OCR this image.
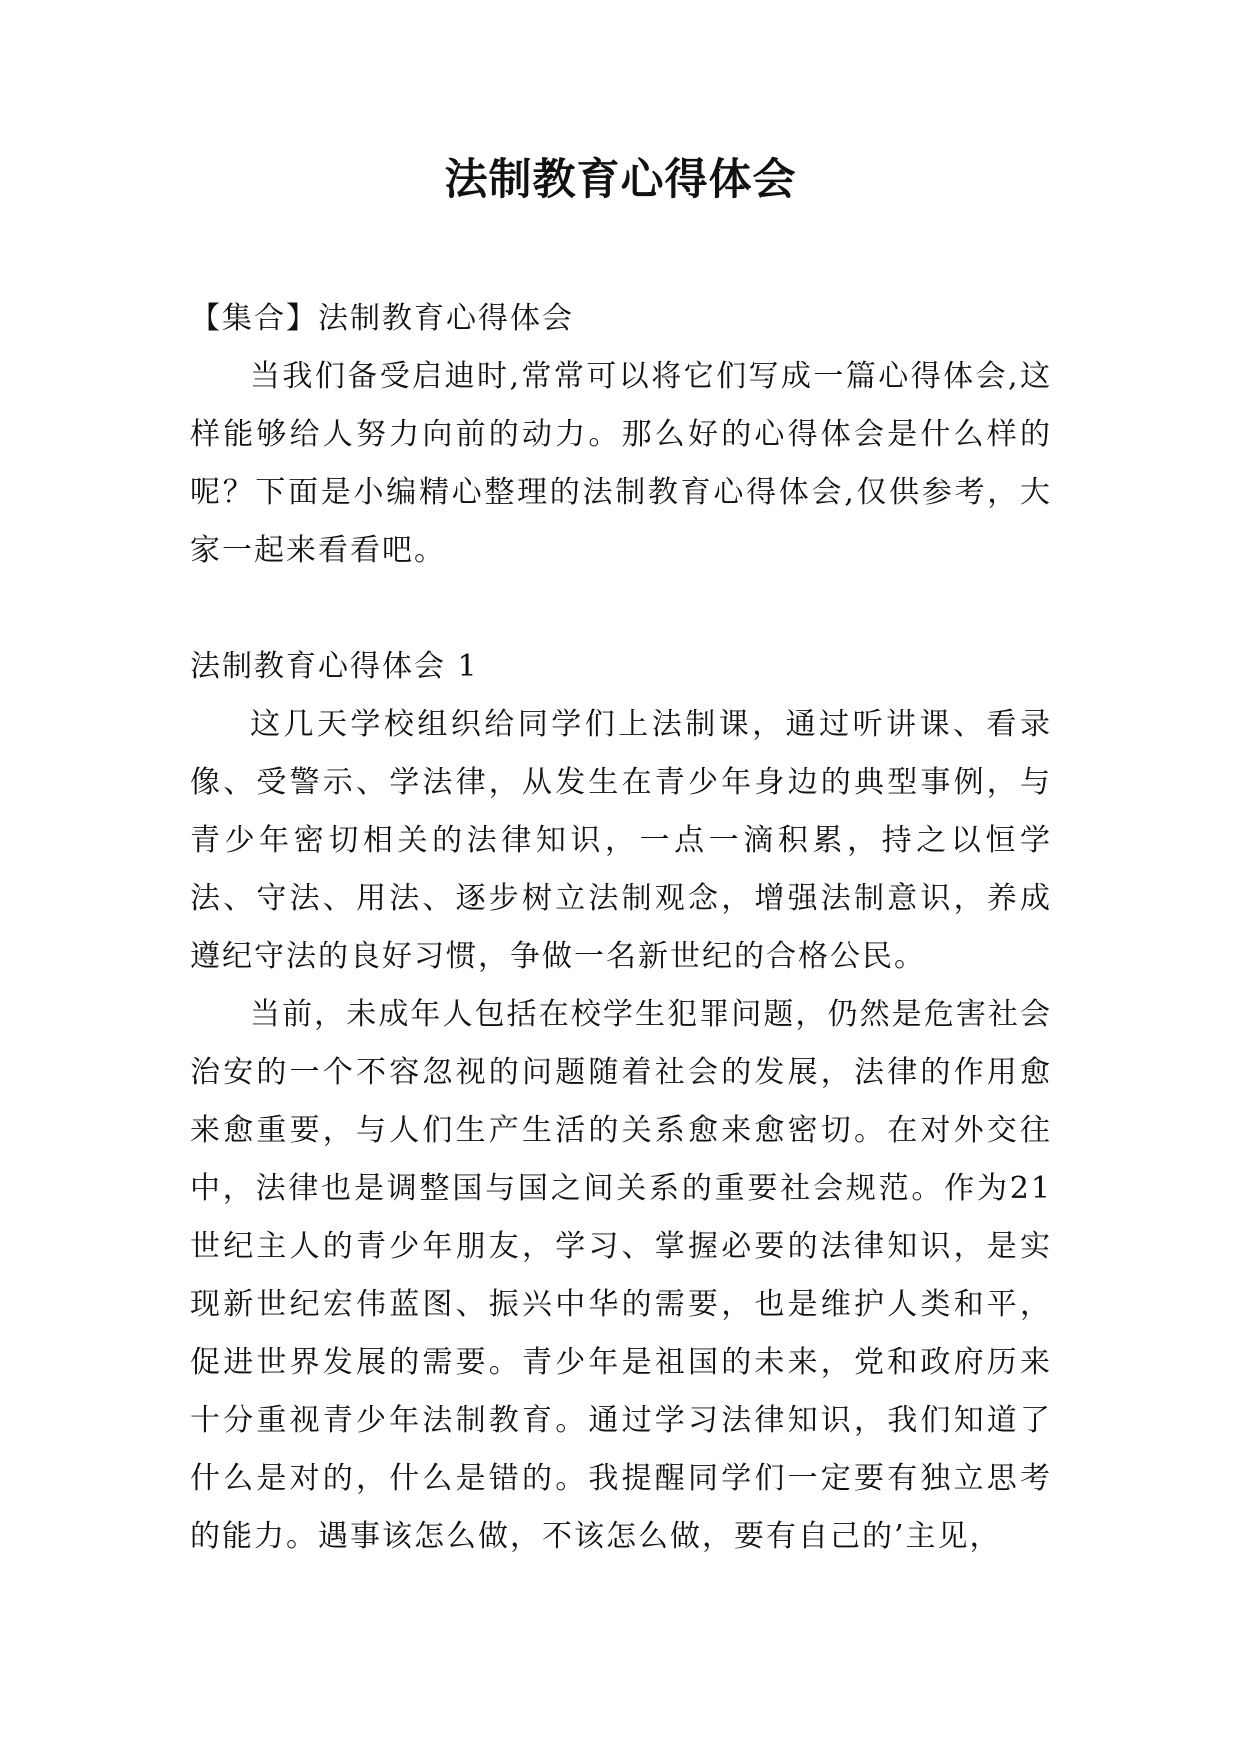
法制教育心得体会

【集合】法制教育心得体会

当我们备受启迪时,常常可以将它们写成一篇心得体会,这样能够给人努力向前的动力。那么好的心得体会是什么样的呢？下面是小编精心整理的法制教育心得体会,仅供参考，大家一起来看看吧。

法制教育心得体会 1

这几天学校组织给同学们上法制课，通过听讲课、看录像、受警示、学法律，从发生在青少年身边的典型事例，与青少年密切相关的法律知识，一点一滴积累，持之以恒学法、守法、用法、逐步树立法制观念，增强法制意识，养成遵纪守法的良好习惯，争做一名新世纪的合格公民。

当前，未成年人包括在校学生犯罪问题，仍然是危害社会治安的一个不容忽视的问题随着社会的发展，法律的作用愈来愈重要，与人们生产生活的关系愈来愈密切。在对外交往中，法律也是调整国与国之间关系的重要社会规范。作为21世纪主人的青少年朋友，学习、掌握必要的法律知识，是实现新世纪宏伟蓝图、振兴中华的需要，也是维护人类和平，促进世界发展的需要。青少年是祖国的未来，党和政府历来十分重视青少年法制教育。通过学习法律知识，我们知道了什么是对的，什么是错的。我提醒同学们一定要有独立思考的能力。遇事该怎么做，不该怎么做，要有自己的’主见，
